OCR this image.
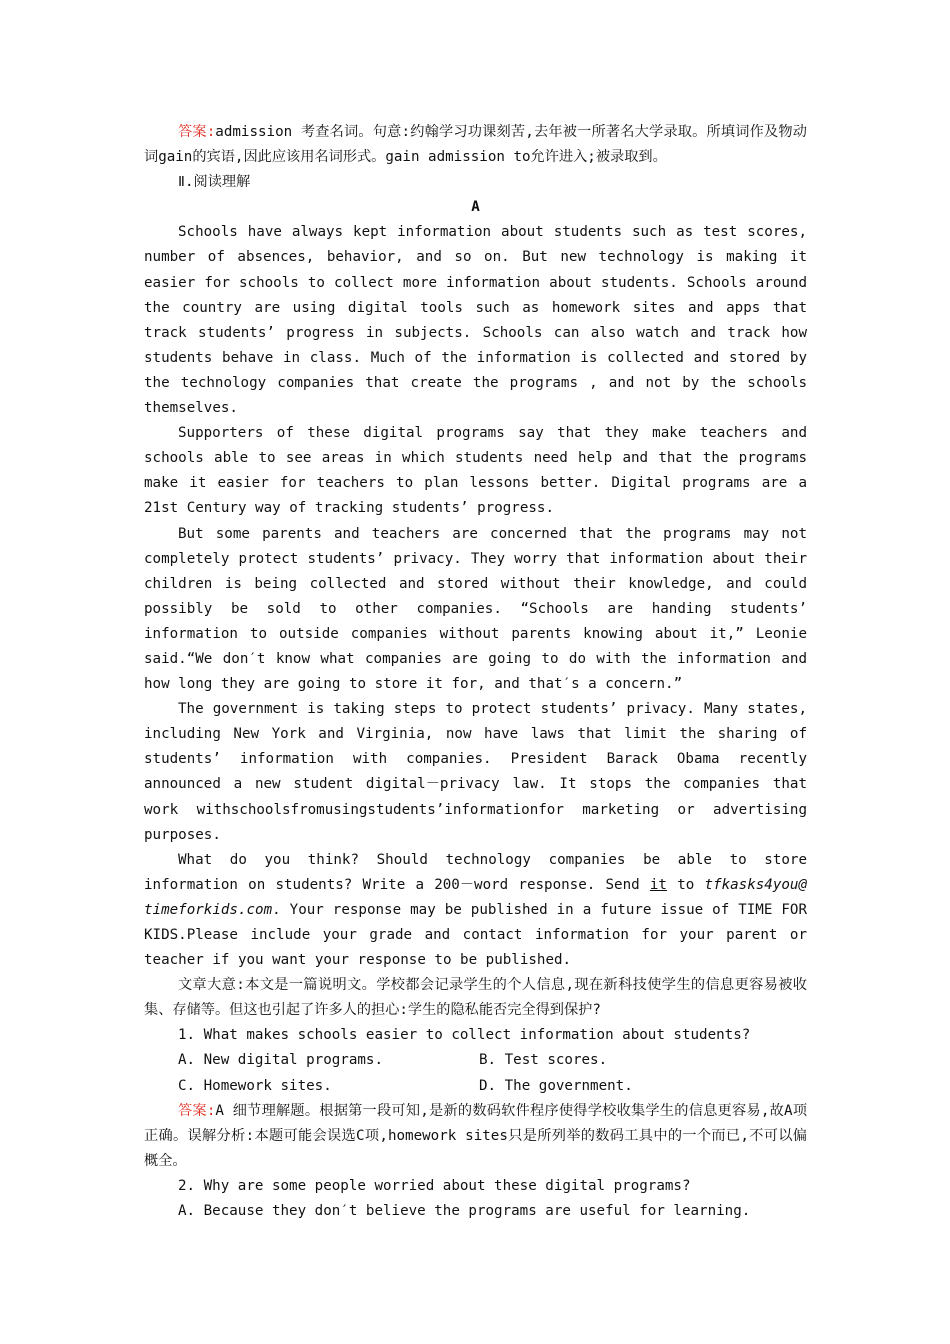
答案:admission 考查名词。句意:约翰学习功课刻苦,去年被一所著名大学录取。所填词作及物动词gain的宾语,因此应该用名词形式。gain admission to允许进入;被录取到。

Ⅱ.阅读理解

A

Schools have always kept information about students such as test scores, number of absences, behavior, and so on. But new technology is making it easier for schools to collect more information about students. Schools around the country are using digital tools such as homework sites and apps that track students’ progress in subjects. Schools can also watch and track how students behave in class. Much of the information is collected and stored by the technology companies that create the programs , and not by the schools themselves.

Supporters of these digital programs say that they make teachers and schools able to see areas in which students need help and that the programs make it easier for teachers to plan lessons better. Digital programs are a 21st Century way of tracking students’ progress.

But some parents and teachers are concerned that the programs may not completely protect students’ privacy. They worry that information about their children is being collected and stored without their knowledge, and could possibly be sold to other companies. “Schools are handing students’ information to outside companies without parents knowing about it,” Leonie said.“We don′t know what companies are going to do with the information and how long they are going to store it for, and that′s a concern.”

The government is taking steps to protect students’ privacy. Many states, including New York and Virginia, now have laws that limit the sharing of students’ information with companies. President Barack Obama recently announced a new student digital－privacy law. It stops the companies that work withschoolsfromusingstudents’informationfor marketing or advertising purposes.

What do you think? Should technology companies be able to store information on students? Write a 200－word response. Send it to tfkasks4you@ timeforkids.com. Your response may be published in a future issue of TIME FOR KIDS.Please include your grade and contact information for your parent or teacher if you want your response to be published.

文章大意:本文是一篇说明文。学校都会记录学生的个人信息,现在新科技使学生的信息更容易被收集、存储等。但这也引起了许多人的担心:学生的隐私能否完全得到保护?

1. What makes schools easier to collect information about students?

A. New digital programs.	B. Test scores.
C. Homework sites.	D. The government.

答案:A 细节理解题。根据第一段可知,是新的数码软件程序使得学校收集学生的信息更容易,故A项正确。误解分析:本题可能会误选C项,homework sites只是所列举的数码工具中的一个而已,不可以偏概全。

2. Why are some people worried about these digital programs?

A. Because they don′t believe the programs are useful for learning.
